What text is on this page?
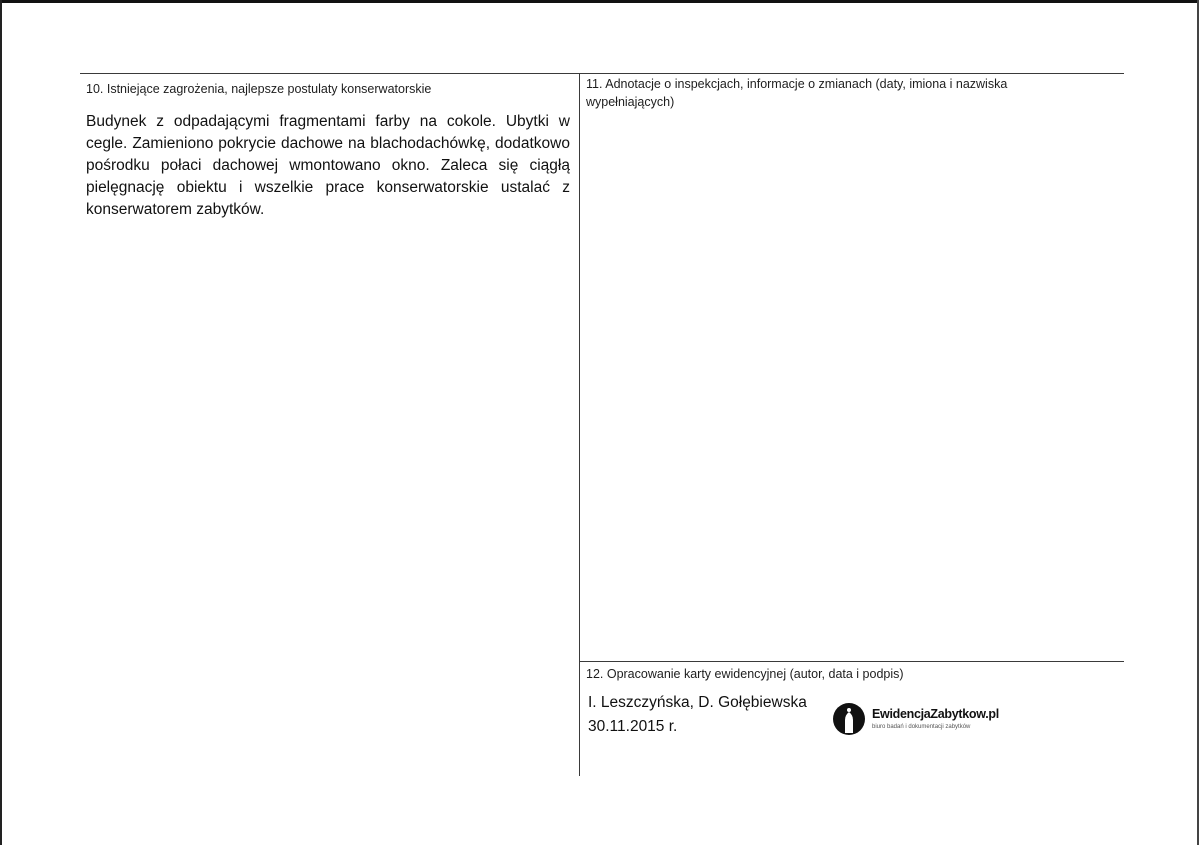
10. Istniejące zagrożenia, najlepsze postulaty konserwatorskie
Budynek z odpadającymi fragmentami farby na cokole. Ubytki w cegle. Zamieniono pokrycie dachowe na blachodachówkę, dodatkowo pośrodku połaci dachowej wmontowano okno. Zaleca się ciągłą pielęgnację obiektu i wszelkie prace konserwatorskie ustalać z konserwatorem zabytków.
11. Adnotacje o inspekcjach, informacje o zmianach (daty, imiona i nazwiska wypełniających)
12. Opracowanie karty ewidencyjnej (autor, data i podpis)
I. Leszczyńska, D. Gołębiewska
30.11.2015 r.
EwidencjaZabytkow.pl
biuro badań i dokumentacji zabytków
